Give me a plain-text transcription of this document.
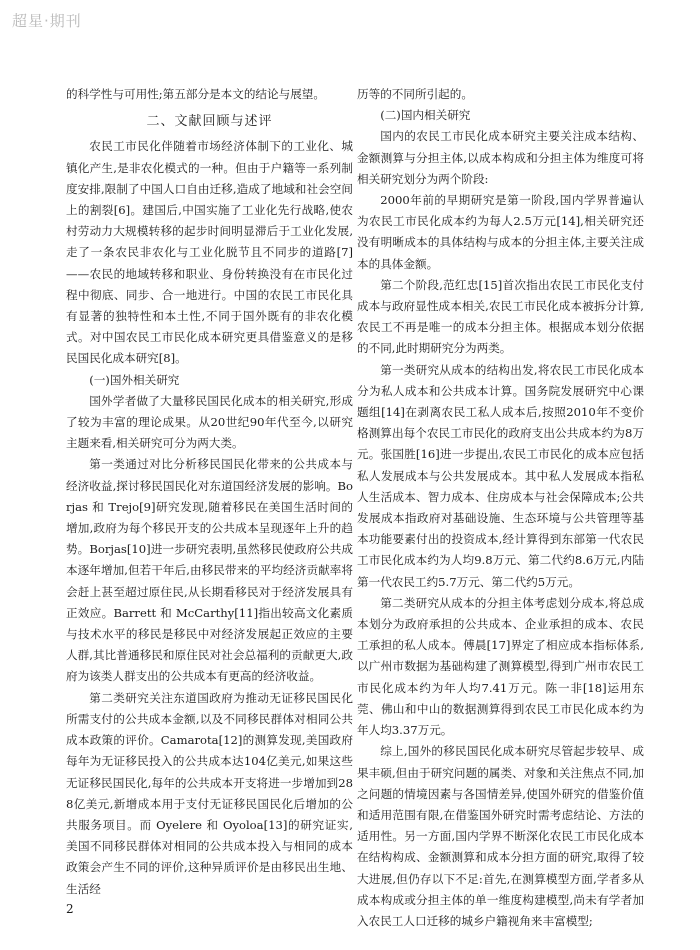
超星·期刊

的科学性与可用性;第五部分是本文的结论与展望。

二、文献回顾与述评

农民工市民化伴随着市场经济体制下的工业化、城镇化产生,是非农化模式的一种。但由于户籍等一系列制度安排,限制了中国人口自由迁移,造成了地域和社会空间上的割裂[6]。建国后,中国实施了工业化先行战略,使农村劳动力大规模转移的起步时间明显滞后于工业化发展,走了一条农民非农化与工业化脱节且不同步的道路[7]——农民的地域转移和职业、身份转换没有在市民化过程中彻底、同步、合一地进行。中国的农民工市民化具有显著的独特性和本土性,不同于国外既有的非农化模式。对中国农民工市民化成本研究更具借鉴意义的是移民国民化成本研究[8]。

(一)国外相关研究

国外学者做了大量移民国民化成本的相关研究,形成了较为丰富的理论成果。从20世纪90年代至今,以研究主题来看,相关研究可分为两大类。

第一类通过对比分析移民国民化带来的公共成本与经济收益,探讨移民国民化对东道国经济发展的影响。Borjas 和 Trejo[9]研究发现,随着移民在美国生活时间的增加,政府为每个移民开支的公共成本呈现逐年上升的趋势。Borjas[10]进一步研究表明,虽然移民使政府公共成本逐年增加,但若干年后,由移民带来的平均经济贡献率将会赶上甚至超过原住民,从长期看移民对于经济发展具有正效应。Barrett 和 McCarthy[11]指出较高文化素质与技术水平的移民是移民中对经济发展起正效应的主要人群,其比普通移民和原住民对社会总福利的贡献更大,政府为该类人群支出的公共成本有更高的经济收益。

第二类研究关注东道国政府为推动无证移民国民化所需支付的公共成本金额,以及不同移民群体对相同公共成本政策的评价。Camarota[12]的测算发现,美国政府每年为无证移民投入的公共成本达104亿美元,如果这些无证移民国民化,每年的公共成本开支将进一步增加到288亿美元,新增成本用于支付无证移民国民化后增加的公共服务项目。而 Oyelere 和 Oyoloa[13]的研究证实,美国不同移民群体对相同的公共成本投入与相同的成本政策会产生不同的评价,这种异质评价是由移民出生地、生活经

历等的不同所引起的。

(二)国内相关研究

国内的农民工市民化成本研究主要关注成本结构、金额测算与分担主体,以成本构成和分担主体为维度可将相关研究划分为两个阶段:

2000年前的早期研究是第一阶段,国内学界普遍认为农民工市民化成本约为每人2.5万元[14],相关研究还没有明晰成本的具体结构与成本的分担主体,主要关注成本的具体金额。

第二个阶段,范红忠[15]首次指出农民工市民化支付成本与政府显性成本相关,农民工市民化成本被拆分计算,农民工不再是唯一的成本分担主体。根据成本划分依据的不同,此时期研究分为两类。

第一类研究从成本的结构出发,将农民工市民化成本分为私人成本和公共成本计算。国务院发展研究中心课题组[14]在剥离农民工私人成本后,按照2010年不变价格测算出每个农民工市民化的政府支出公共成本约为8万元。张国胜[16]进一步提出,农民工市民化的成本应包括私人发展成本与公共发展成本。其中私人发展成本指私人生活成本、智力成本、住房成本与社会保障成本;公共发展成本指政府对基础设施、生态环境与公共管理等基本功能要素付出的投资成本,经计算得到东部第一代农民工市民化成本约为人均9.8万元、第二代约8.6万元,内陆第一代农民工约5.7万元、第二代约5万元。

第二类研究从成本的分担主体考虑划分成本,将总成本划分为政府承担的公共成本、企业承担的成本、农民工承担的私人成本。傅晨[17]界定了相应成本指标体系,以广州市数据为基础构建了测算模型,得到广州市农民工市民化成本约为年人均7.41万元。陈一非[18]运用东莞、佛山和中山的数据测算得到农民工市民化成本约为年人均3.37万元。

综上,国外的移民国民化成本研究尽管起步较早、成果丰硕,但由于研究问题的属类、对象和关注焦点不同,加之问题的情境因素与各国情差异,使国外研究的借鉴价值和适用范围有限,在借鉴国外研究时需考虑结论、方法的适用性。另一方面,国内学界不断深化农民工市民化成本在结构构成、金额测算和成本分担方面的研究,取得了较大进展,但仍存以下不足:首先,在测算模型方面,学者多从成本构成或分担主体的单一维度构建模型,尚未有学者加入农民工人口迁移的城乡户籍视角来丰富模型;

2
